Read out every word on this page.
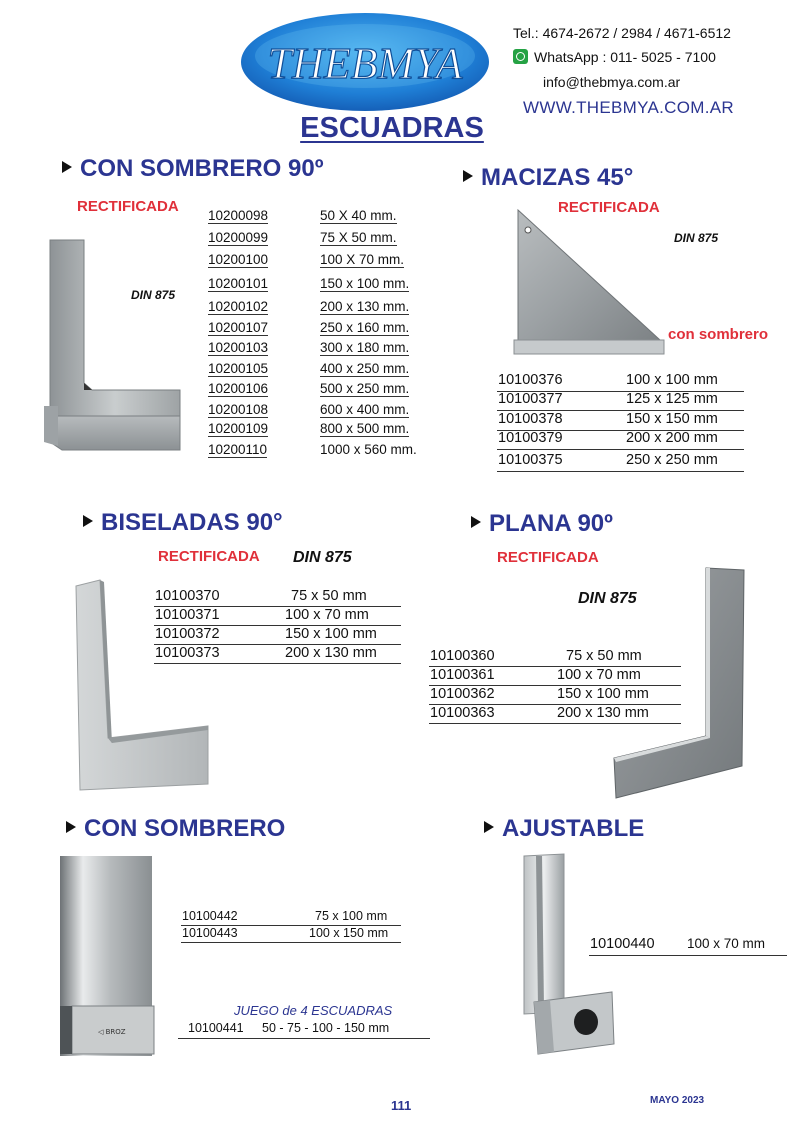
THEBMYA
Tel.: 4674-2672 / 2984 / 4671-6512
WhatsApp : 011- 5025 - 7100
info@thebmya.com.ar
WWW.THEBMYA.COM.AR
ESCUADRAS
CON SOMBRERO 90º
RECTIFICADA
DIN 875
10200098	50 X 40 mm.
10200099	75 X 50 mm.
10200100	100 X 70 mm.
10200101	150 x 100 mm.
10200102	200 x 130 mm.
10200107	250 x 160 mm.
10200103	300 x 180 mm.
10200105	400 x 250 mm.
10200106	500 x 250 mm.
10200108	600 x 400 mm.
10200109	800 x 500 mm.
10200110	1000 x 560 mm.
MACIZAS 45°
RECTIFICADA
DIN 875
con sombrero
10100376	100 x 100 mm
10100377	125 x 125 mm
10100378	150 x 150 mm
10100379	200 x 200 mm
10100375	250 x 250 mm
BISELADAS 90°
RECTIFICADA DIN 875
10100370	75 x 50 mm
10100371	100 x 70 mm
10100372	150 x 100 mm
10100373	200 x 130 mm
PLANA 90º
RECTIFICADA
DIN 875
10100360	75 x 50 mm
10100361	100 x 70 mm
10100362	150 x 100 mm
10100363	200 x 130 mm
CON SOMBRERO
◁ BROZ
10100442	75 x 100 mm
10100443	100 x 150 mm
JUEGO de 4 ESCUADRAS
10100441 50 - 75 - 100 - 150 mm
AJUSTABLE
10100440 100 x 70 mm
111	MAYO 2023
